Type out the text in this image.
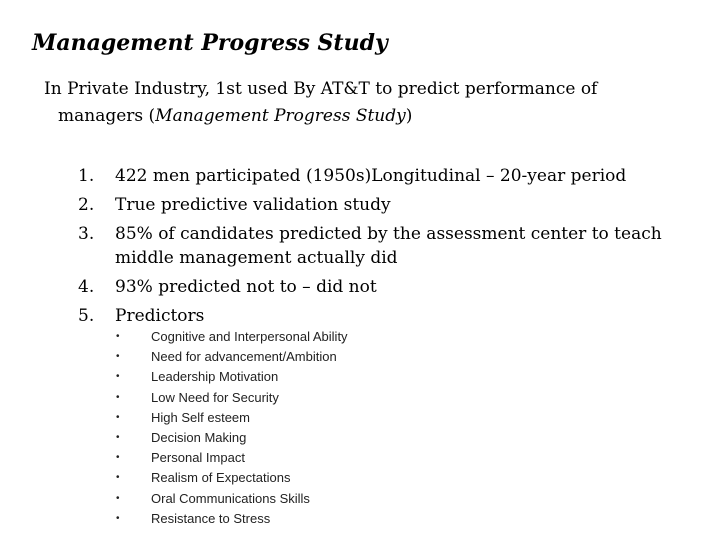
Management Progress Study
In Private Industry, 1st used By AT&T to predict performance of
managers (Management Progress Study)
1. 422 men participated (1950s)Longitudinal – 20-year period
2. True predictive validation study
3. 85% of candidates predicted by the assessment center to teach
middle management actually did
4. 93% predicted not to – did not
5. Predictors
• Cognitive and Interpersonal Ability
• Need for advancement/Ambition
• Leadership Motivation
• Low Need for Security
• High Self esteem
• Decision Making
• Personal Impact
• Realism of Expectations
• Oral Communications Skills
• Resistance to Stress
